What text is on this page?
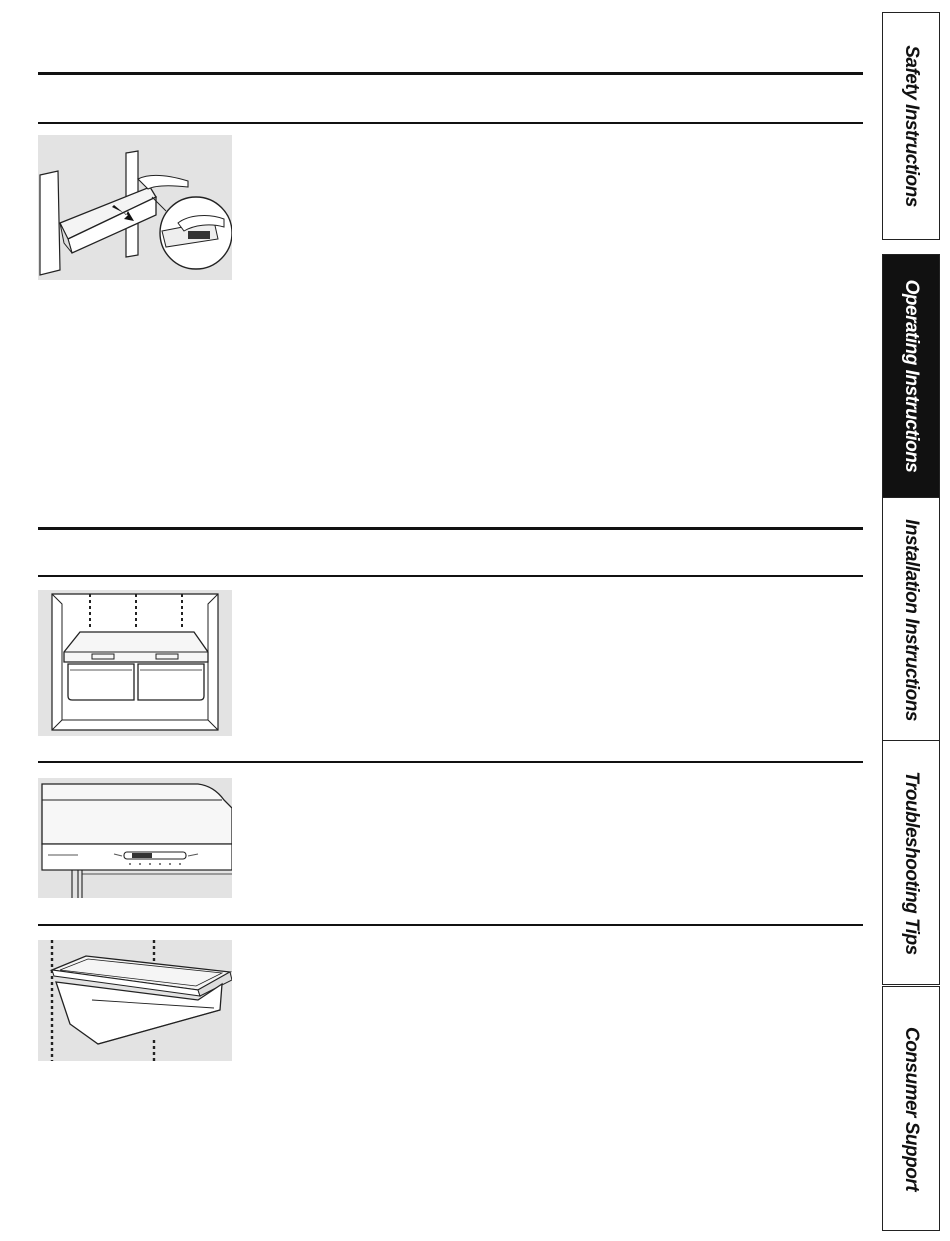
Safety Instructions
Operating Instructions
Installation Instructions
Troubleshooting Tips
Consumer Support
